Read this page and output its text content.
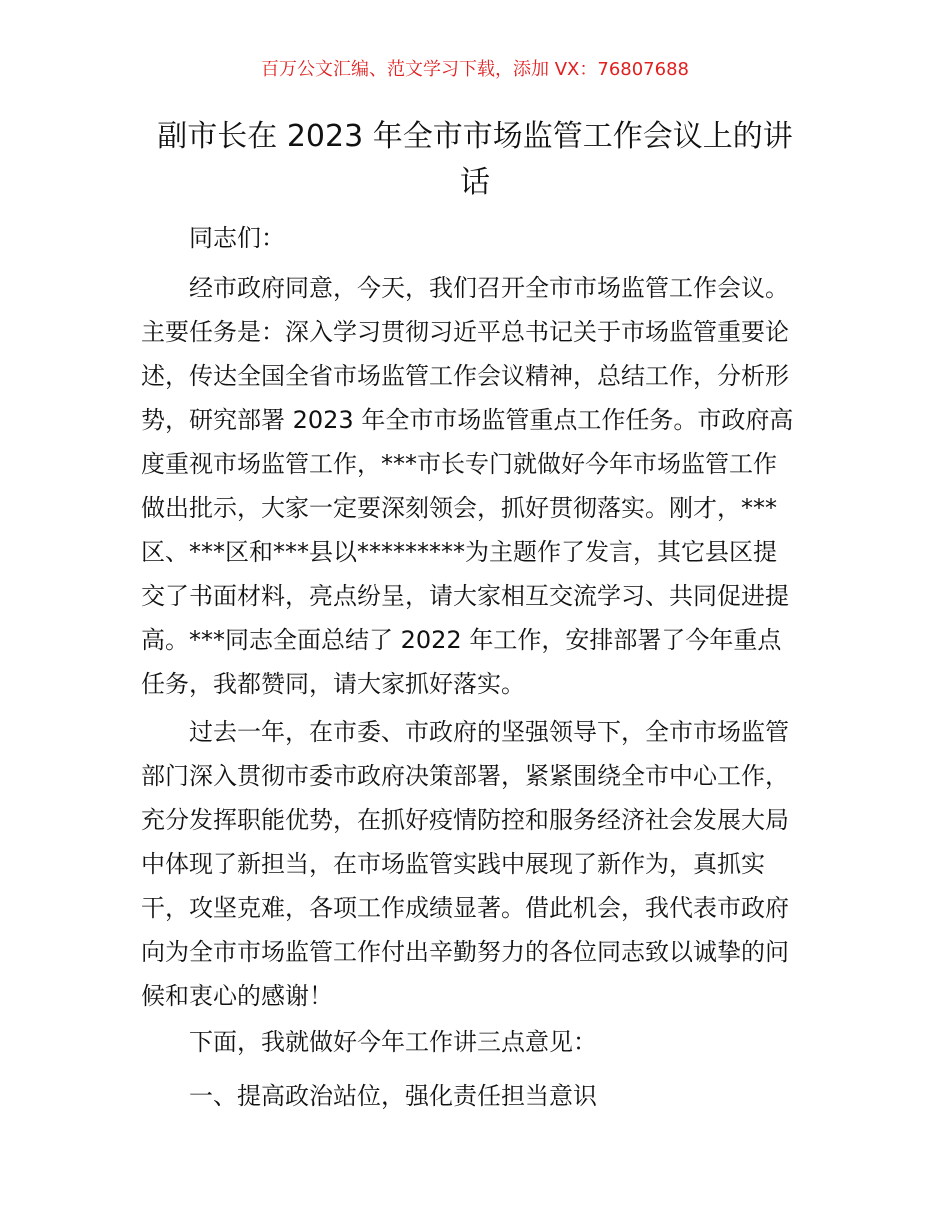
百万公文汇编、范文学习下载，添加 VX：76807688
副市长在 2023 年全市市场监管工作会议上的讲
话
同志们：
经市政府同意，今天，我们召开全市市场监管工作会议。
主要任务是：深入学习贯彻习近平总书记关于市场监管重要论
述，传达全国全省市场监管工作会议精神，总结工作，分析形
势，研究部署 2023 年全市市场监管重点工作任务。市政府高
度重视市场监管工作，***市长专门就做好今年市场监管工作
做出批示，大家一定要深刻领会，抓好贯彻落实。刚才，***
区、***区和***县以*********为主题作了发言，其它县区提
交了书面材料，亮点纷呈，请大家相互交流学习、共同促进提
高。***同志全面总结了 2022 年工作，安排部署了今年重点
任务，我都赞同，请大家抓好落实。
过去一年，在市委、市政府的坚强领导下，全市市场监管
部门深入贯彻市委市政府决策部署，紧紧围绕全市中心工作，
充分发挥职能优势，在抓好疫情防控和服务经济社会发展大局
中体现了新担当，在市场监管实践中展现了新作为，真抓实
干，攻坚克难，各项工作成绩显著。借此机会，我代表市政府
向为全市市场监管工作付出辛勤努力的各位同志致以诚挚的问
候和衷心的感谢！
下面，我就做好今年工作讲三点意见：
一、提高政治站位，强化责任担当意识
